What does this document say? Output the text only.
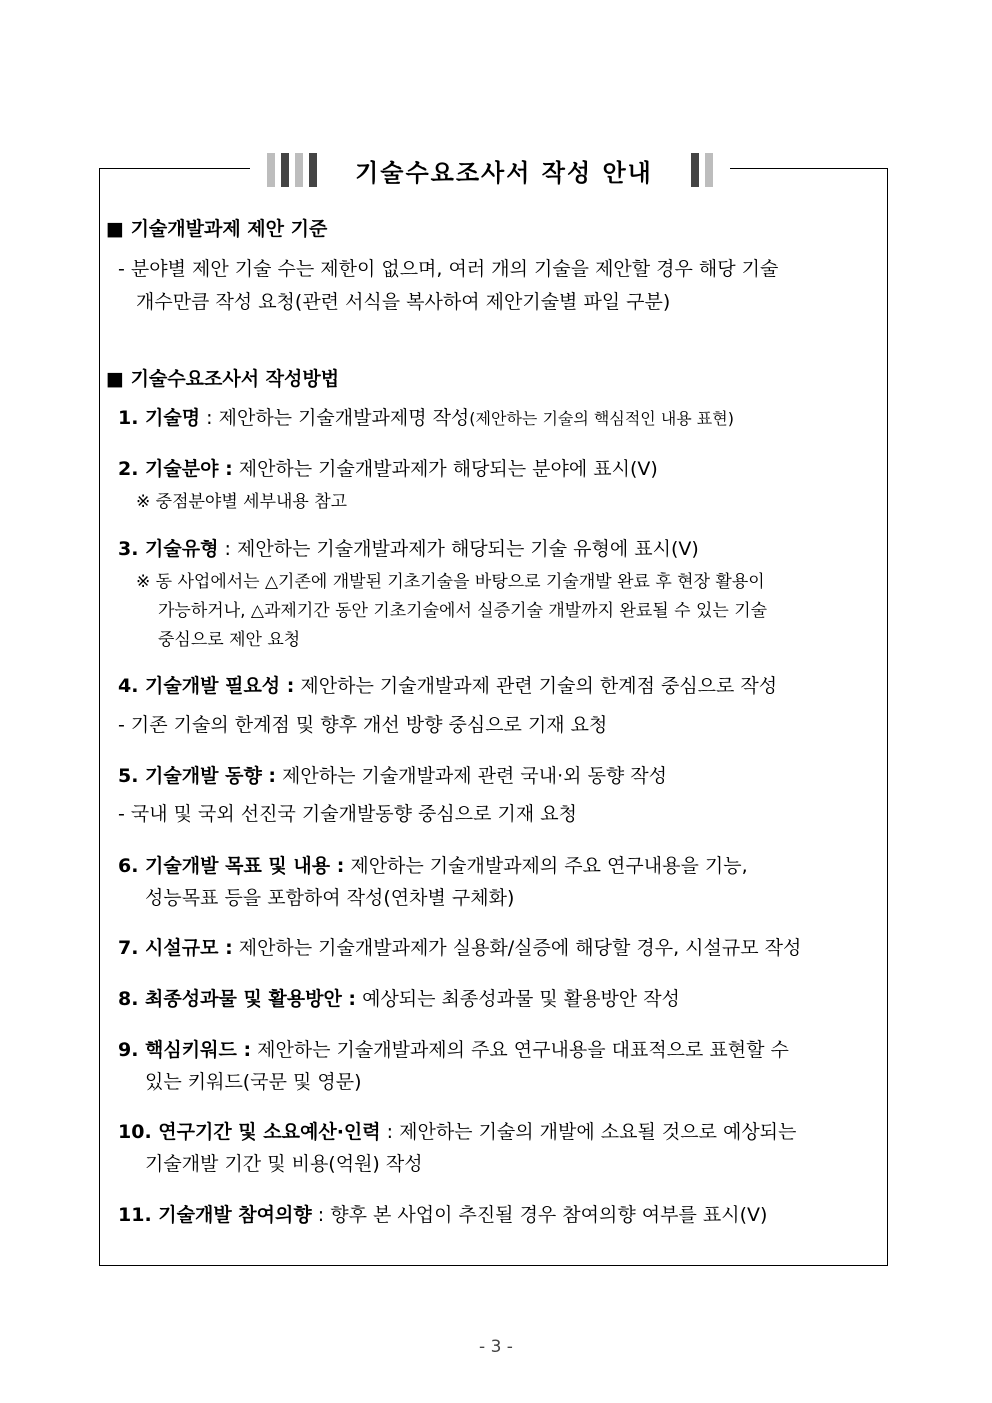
기술수요조사서 작성 안내
■ 기술개발과제 제안 기준
- 분야별 제안 기술 수는 제한이 없으며, 여러 개의 기술을 제안할 경우 해당 기술
개수만큼 작성 요청(관련 서식을 복사하여 제안기술별 파일 구분)
■ 기술수요조사서 작성방법
1. 기술명 : 제안하는 기술개발과제명 작성(제안하는 기술의 핵심적인 내용 표현)
2. 기술분야 : 제안하는 기술개발과제가 해당되는 분야에 표시(V)
※ 중점분야별 세부내용 참고
3. 기술유형 : 제안하는 기술개발과제가 해당되는 기술 유형에 표시(V)
※ 동 사업에서는 △기존에 개발된 기초기술을 바탕으로 기술개발 완료 후 현장 활용이
가능하거나, △과제기간 동안 기초기술에서 실증기술 개발까지 완료될 수 있는 기술
중심으로 제안 요청
4. 기술개발 필요성 : 제안하는 기술개발과제 관련 기술의 한계점 중심으로 작성
- 기존 기술의 한계점 및 향후 개선 방향 중심으로 기재 요청
5. 기술개발 동향 : 제안하는 기술개발과제 관련 국내·외 동향 작성
- 국내 및 국외 선진국 기술개발동향 중심으로 기재 요청
6. 기술개발 목표 및 내용 : 제안하는 기술개발과제의 주요 연구내용을 기능,
성능목표 등을 포함하여 작성(연차별 구체화)
7. 시설규모 : 제안하는 기술개발과제가 실용화/실증에 해당할 경우, 시설규모 작성
8. 최종성과물 및 활용방안 : 예상되는 최종성과물 및 활용방안 작성
9. 핵심키워드 : 제안하는 기술개발과제의 주요 연구내용을 대표적으로 표현할 수
있는 키워드(국문 및 영문)
10. 연구기간 및 소요예산·인력 : 제안하는 기술의 개발에 소요될 것으로 예상되는
기술개발 기간 및 비용(억원) 작성
11. 기술개발 참여의향 : 향후 본 사업이 추진될 경우 참여의향 여부를 표시(V)
- 3 -
